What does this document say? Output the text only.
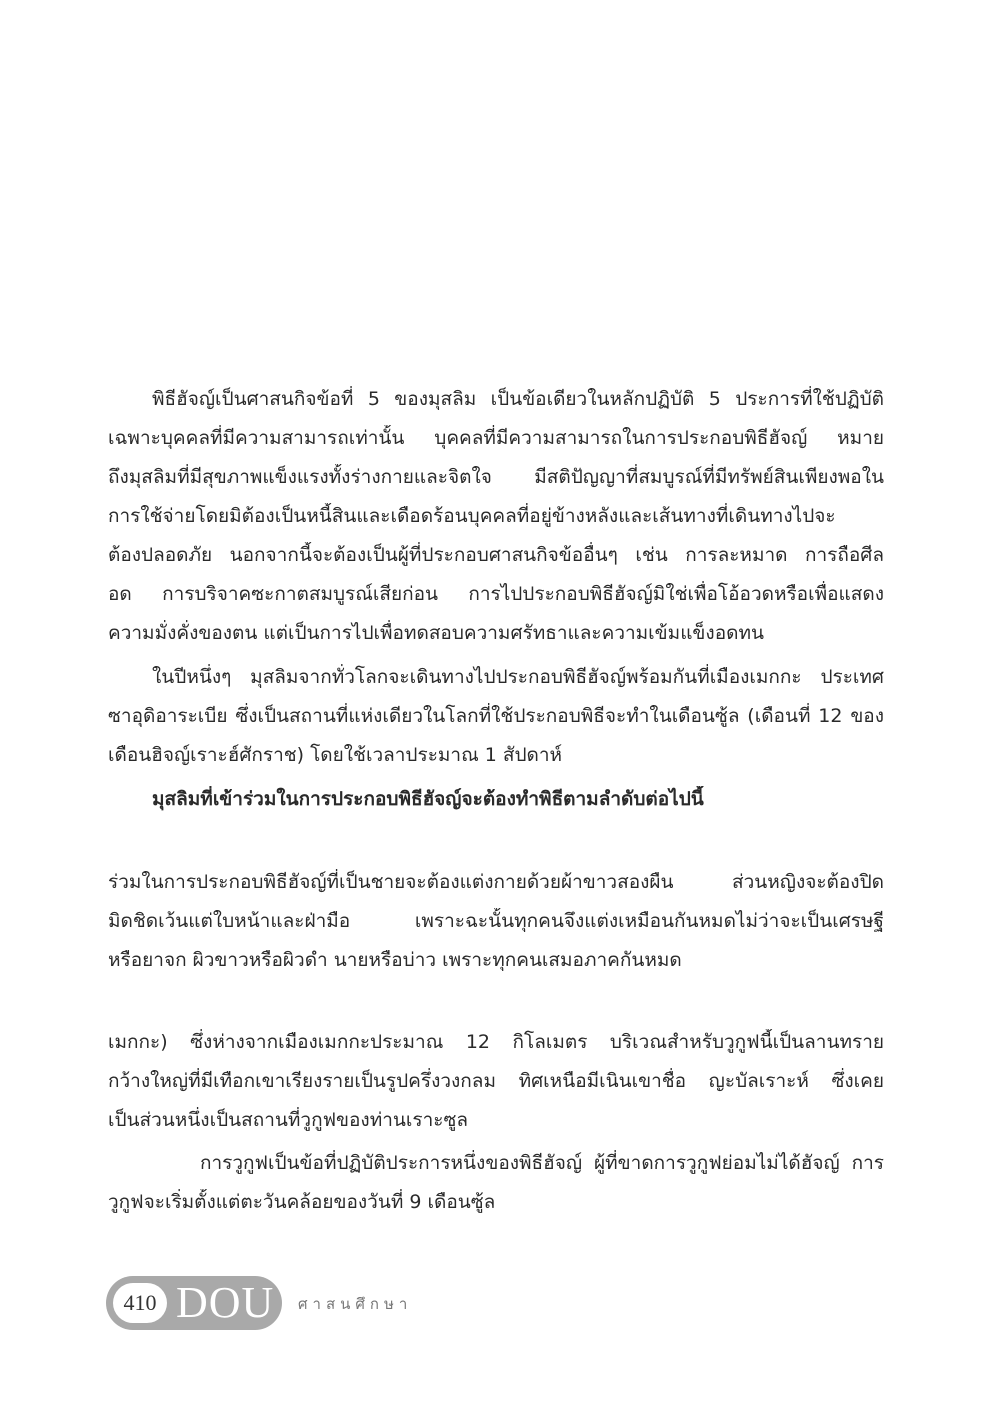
พิธีฮัจญ์เป็นศาสนกิจข้อที่ 5 ของมุสลิม เป็นข้อเดียวในหลักปฏิบัติ 5 ประการที่ใช้ปฏิบัติ
เฉพาะบุคคลที่มีความสามารถเท่านั้น บุคคลที่มีความสามารถในการประกอบพิธีฮัจญ์ หมาย
ถึงมุสลิมที่มีสุขภาพแข็งแรงทั้งร่างกายและจิตใจ มีสติปัญญาที่สมบูรณ์ที่มีทรัพย์สินเพียงพอใน
การใช้จ่ายโดยมิต้องเป็นหนี้สินและเดือดร้อนบุคคลที่อยู่ข้างหลังและเส้นทางที่เดินทางไปจะ
ต้องปลอดภัย นอกจากนี้จะต้องเป็นผู้ที่ประกอบศาสนกิจข้ออื่นๆ เช่น การละหมาด การถือศีล
อด การบริจาคซะกาตสมบูรณ์เสียก่อน การไปประกอบพิธีฮัจญ์มิใช่เพื่อโอ้อวดหรือเพื่อแสดง
ความมั่งคั่งของตน แต่เป็นการไปเพื่อทดสอบความศรัทธาและความเข้มแข็งอดทน
ในปีหนึ่งๆ มุสลิมจากทั่วโลกจะเดินทางไปประกอบพิธีฮัจญ์พร้อมกันที่เมืองเมกกะ ประเทศ
ซาอุดิอาระเบีย ซึ่งเป็นสถานที่แห่งเดียวในโลกที่ใช้ประกอบพิธีจะทำในเดือนซู้ล (เดือนที่ 12 ของ
เดือนฮิจญ์เราะฮ์ศักราช) โดยใช้เวลาประมาณ 1 สัปดาห์
มุสลิมที่เข้าร่วมในการประกอบพิธีฮัจญ์จะต้องทำพิธีตามลำดับต่อไปนี้
ร่วมในการประกอบพิธีฮัจญ์ที่เป็นชายจะต้องแต่งกายด้วยผ้าขาวสองผืน ส่วนหญิงจะต้องปิด
มิดชิดเว้นแต่ใบหน้าและฝ่ามือ เพราะฉะนั้นทุกคนจึงแต่งเหมือนกันหมดไม่ว่าจะเป็นเศรษฐี
หรือยาจก ผิวขาวหรือผิวดำ นายหรือบ่าว เพราะทุกคนเสมอภาคกันหมด
เมกกะ) ซึ่งห่างจากเมืองเมกกะประมาณ 12 กิโลเมตร บริเวณสำหรับวูกูฟนี้เป็นลานทราย
กว้างใหญ่ที่มีเทือกเขาเรียงรายเป็นรูปครึ่งวงกลม ทิศเหนือมีเนินเขาชื่อ ญะบัลเราะห์ ซึ่งเคย
เป็นส่วนหนึ่งเป็นสถานที่วูกูฟของท่านเราะซูล
การวูกูฟเป็นข้อที่ปฏิบัติประการหนึ่งของพิธีฮัจญ์ ผู้ที่ขาดการวูกูฟย่อมไม่ได้ฮัจญ์ การ
วูกูฟจะเริ่มตั้งแต่ตะวันคล้อยของวันที่ 9 เดือนซู้ล
410 DOU ศาสนศึกษา
